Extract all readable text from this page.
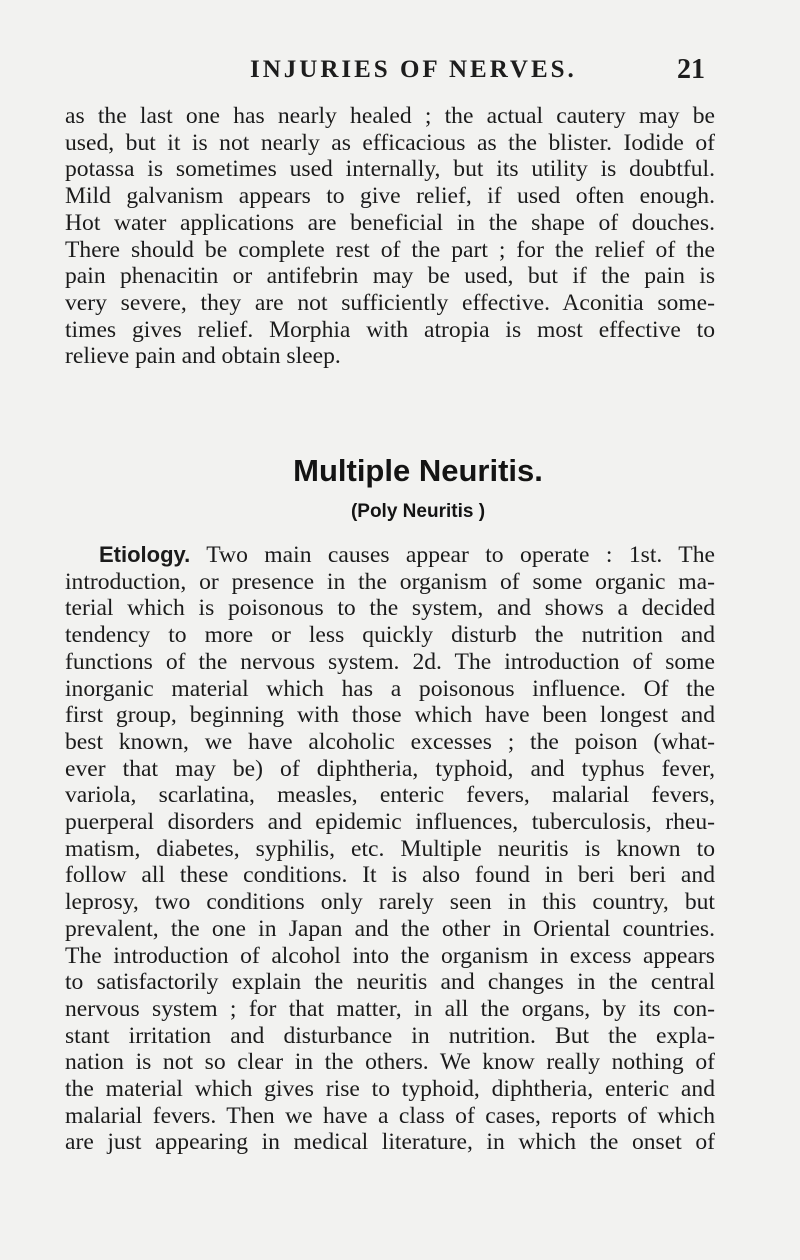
INJURIES OF NERVES.	21

as the last one has nearly healed ; the actual cautery may be

used, but it is not nearly as efficacious as the blister. Iodide of

potassa is sometimes used internally, but its utility is doubtful.

Mild galvanism appears to give relief, if used often enough.

Hot water applications are beneficial in the shape of douches.

There should be complete rest of the part ; for the relief of the

pain phenacitin or antifebrin may be used, but if the pain is

very severe, they are not sufficiently effective. Aconitia some-

times gives relief. Morphia with atropia is most effective to

relieve pain and obtain sleep.

Multiple Neuritis.
(Poly Neuritis )

Etiology. Two main causes appear to operate : 1st. The

introduction, or presence in the organism of some organic ma-

terial which is poisonous to the system, and shows a decided

tendency to more or less quickly disturb the nutrition and

functions of the nervous system. 2d. The introduction of some

inorganic material which has a poisonous influence. Of the

first group, beginning with those which have been longest and

best known, we have alcoholic excesses ; the poison (what-

ever that may be) of diphtheria, typhoid, and typhus fever,

variola, scarlatina, measles, enteric fevers, malarial fevers,

puerperal disorders and epidemic influences, tuberculosis, rheu-

matism, diabetes, syphilis, etc. Multiple neuritis is known to

follow all these conditions. It is also found in beri beri and

leprosy, two conditions only rarely seen in this country, but

prevalent, the one in Japan and the other in Oriental countries.

The introduction of alcohol into the organism in excess appears

to satisfactorily explain the neuritis and changes in the central

nervous system ; for that matter, in all the organs, by its con-

stant irritation and disturbance in nutrition. But the expla-

nation is not so clear in the others. We know really nothing of

the material which gives rise to typhoid, diphtheria, enteric and

malarial fevers. Then we have a class of cases, reports of which

are just appearing in medical literature, in which the onset of
